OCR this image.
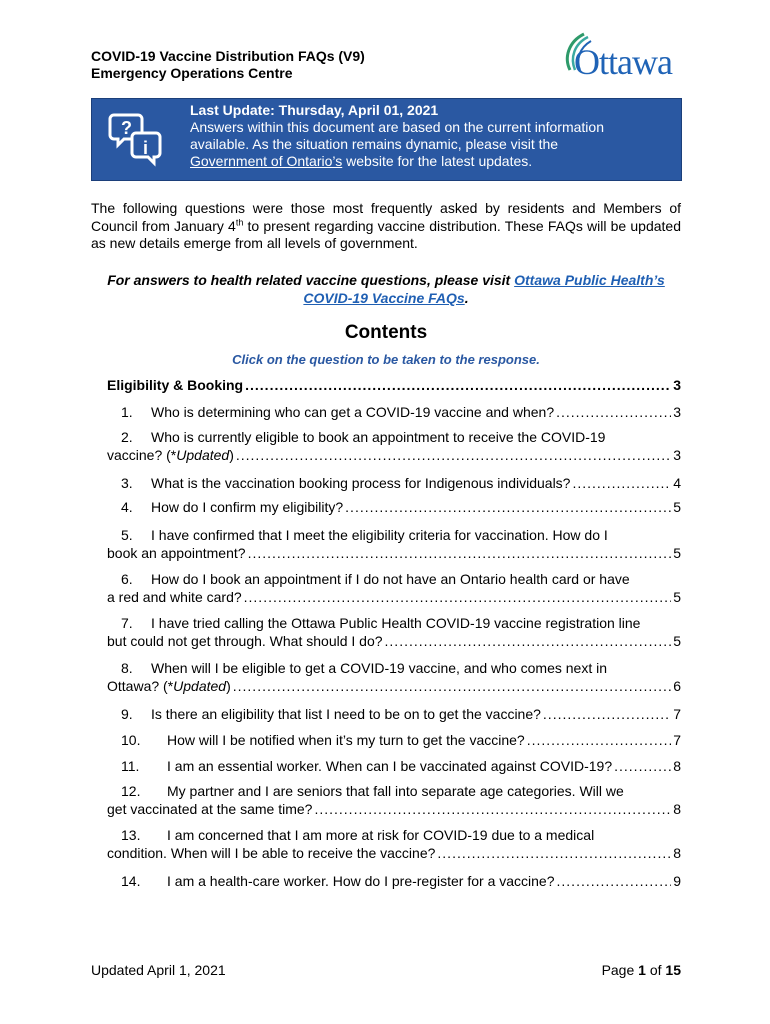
COVID-19 Vaccine Distribution FAQs (V9)
Emergency Operations Centre	Ottawa
?
i
Last Update: Thursday, April 01, 2021
Answers within this document are based on the current information
available. As the situation remains dynamic, please visit the
Government of Ontario’s website for the latest updates.
The following questions were those most frequently asked by residents and Members of Council from January 4th to present regarding vaccine distribution. These FAQs will be updated as new details emerge from all levels of government.
For answers to health related vaccine questions, please visit Ottawa Public Health’s COVID-19 Vaccine FAQs.
Contents
Click on the question to be taken to the response.
Eligibility & Booking .....	3
1.	Who is determining who can get a COVID-19 vaccine and when? .....	3
2.	Who is currently eligible to book an appointment to receive the COVID-19
vaccine? (* Updated ) .....	3
3.	What is the vaccination booking process for Indigenous individuals? .....	4
4.	How do I confirm my eligibility? .....	5
5.	I have confirmed that I meet the eligibility criteria for vaccination. How do I
book an appointment? .....	5
6.	How do I book an appointment if I do not have an Ontario health card or have
a red and white card? .....	5
7.	I have tried calling the Ottawa Public Health COVID-19 vaccine registration line
but could not get through. What should I do? .....	5
8.	When will I be eligible to get a COVID-19 vaccine, and who comes next in
Ottawa? (* Updated ) .....	6
9.	Is there an eligibility that list I need to be on to get the vaccine? .....	7
10.	How will I be notified when it’s my turn to get the vaccine? .....	7
11.	I am an essential worker. When can I be vaccinated against COVID-19? .....	8
12.	My partner and I are seniors that fall into separate age categories. Will we
get vaccinated at the same time? .....	8
13.	I am concerned that I am more at risk for COVID-19 due to a medical
condition. When will I be able to receive the vaccine? .....	8
14.	I am a health-care worker. How do I pre-register for a vaccine? .....	9
Updated April 1, 2021	Page 1 of 15
